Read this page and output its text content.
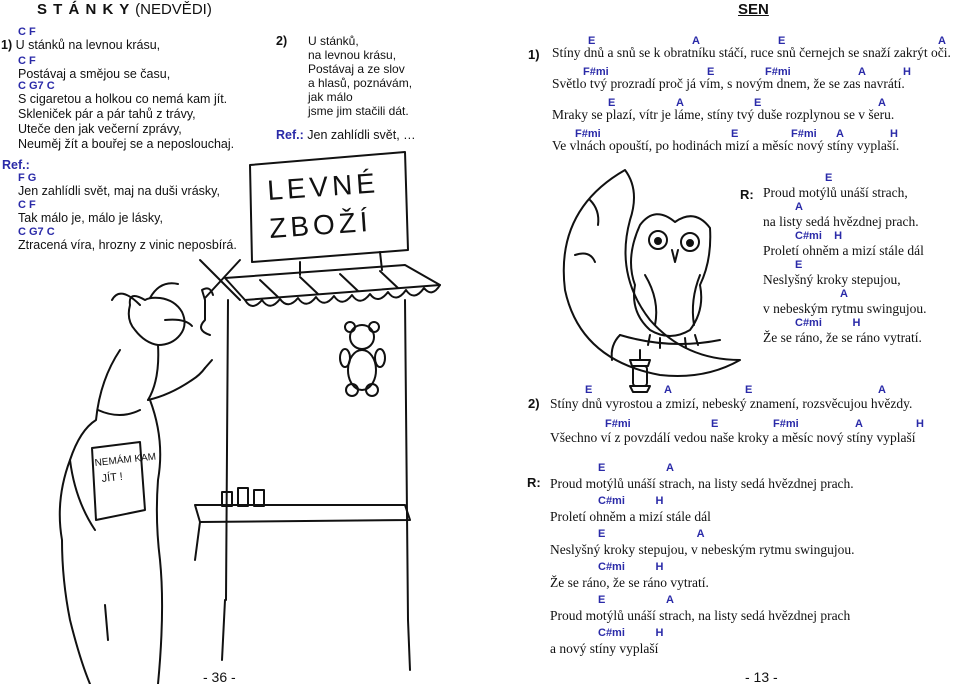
S T Á N K Y (NEDVĚDI)
C F
1) U stánků na levnou krásu,
C F
Postávaj a smějou se času,
C G7 C
S cigaretou a holkou co nemá kam jít.
Skleniček pár a pár tahů z trávy,
Uteče den jak večerní zprávy,
Neuměj žít a bouřej se a neposlouchaj.
Ref.:
F G
Jen zahlídli svět, maj na duši vrásky,
C F
Tak málo je, málo je lásky,
C G7 C
Ztracená víra, hrozny z vinic neposbírá.
2) U stánků,
na levnou krásu,
Postávaj a ze slov
a hlasů, poznávám,
jak málo
jsme jim stačili dát.
Ref.: Jen zahlídli svět, …
LEVNÉ
ZBOŽÍ
NEMÁM KAM
JÍT !
- 36 -
SEN
R:
R:
- 13 -
1)
E	A	E	A
Stíny dnů a snů se k obratníku stáčí, ruce snů černejch se snaží zakrýt oči.
F#mi	E	F#mi	A	H
Světlo tvý prozradí proč já vím, s novým dnem, že se zas navrátí.
E	A	E	A
Mraky se plazí, vítr je láme, stíny tvý duše rozplynou se v šeru.
F#mi	E	F#mi A	H
Ve vlnách opouští, po hodinách mizí a měsíc nový stíny vyplaší.
E
Proud motýlů unáší strach,
A
na listy sedá hvězdnej prach.
C#mi    H
Proletí ohněm a mizí stále dál
E
Neslyšný kroky stepujou,
A
v nebeským rytmu swingujou.
C#mi          H
Že se ráno, že se ráno vytratí.
2)
E	A	E	A
Stíny dnů vyrostou a zmizí, nebeský znamení, rozsvěcujou hvězdy.
F#mi	E	F#mi	A	H
Všechno ví z povzdálí vedou naše kroky a měsíc nový stíny vyplaší
E                    A
Proud motýlů unáší strach, na listy sedá hvězdnej prach.
C#mi          H
Proletí ohněm a mizí stále dál
E                              A
Neslyšný kroky stepujou, v nebeským rytmu swingujou.
C#mi          H
Že se ráno, že se ráno vytratí.
E                    A
Proud motýlů unáší strach, na listy sedá hvězdnej prach
C#mi          H
a nový stíny vyplaší
